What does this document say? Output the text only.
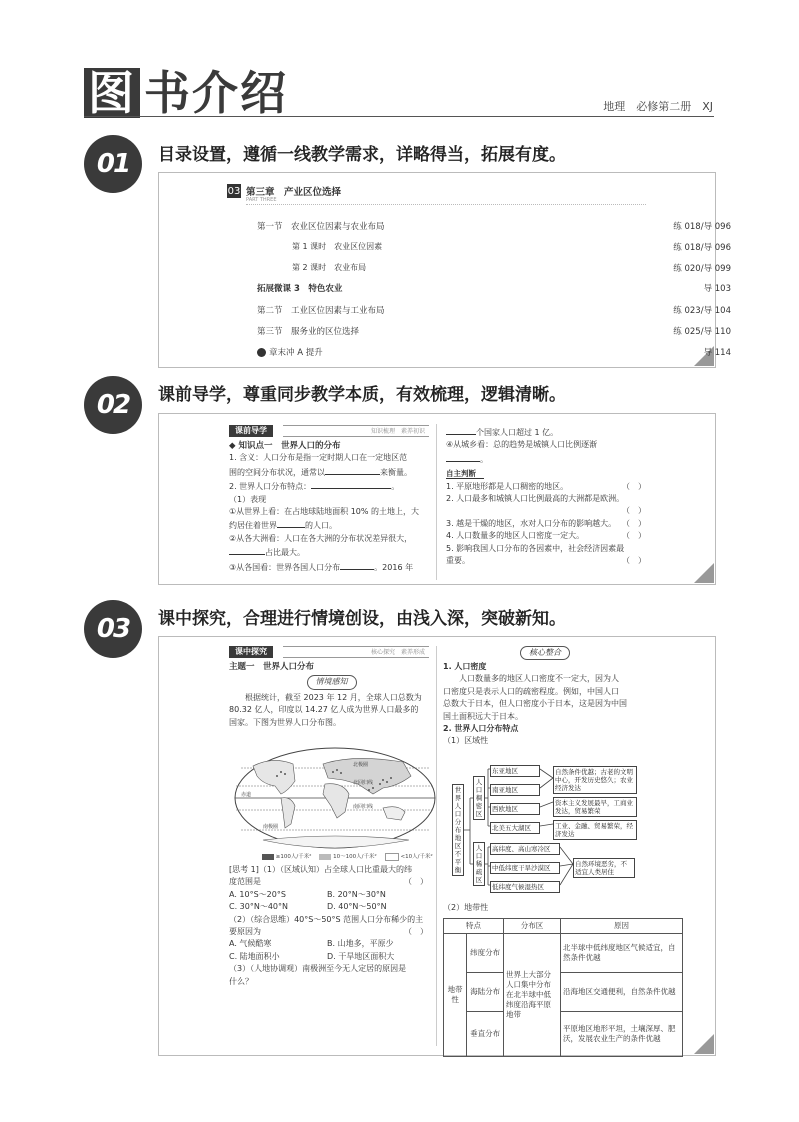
图 书 介 绍	地理　必修第二册　XJ
01	目录设置，遵循一线教学需求，详略得当，拓展有度。
03 第三章　产业区位选择
PART THREE
第一节　农业区位因素与农业布局	练 018/导 096
第 1 课时　农业区位因素	练 018/导 096
第 2 课时　农业布局	练 020/导 099
拓展微课 3　特色农业	导 103
第二节　工业区位因素与工业布局	练 023/导 104
第三节　服务业的区位选择	练 025/导 110
章末冲 A 提升	导 114
02	课前导学，尊重同步教学本质，有效梳理，逻辑清晰。
课前导学	知识梳理　素养初识

◆ 知识点一　世界人口的分布

1. 含义：人口分布是指一定时期人口在一定地区范

围的空间分布状况，通常以	来衡量。

2. 世界人口分布特点：	。

（1）表现

①从世界上看：在占地球陆地面积 10% 的土地上，大

约居住着世界	的人口。

②从各大洲看：人口在各大洲的分布状况差异很大，

占比最大。

③从各国看：世界各国人口分布	。2016 年

个国家人口超过 1 亿。

④从城乡看：总的趋势是城镇人口比例逐渐

。

自主判断

1. 平原地形都是人口稠密的地区。	（　）

2. 人口最多和城镇人口比例最高的大洲都是欧洲。

（　）

3. 越是干燥的地区，水对人口分布的影响越大。 （　）

4. 人口数量多的地区人口密度一定大。	（　）

5. 影响我国人口分布的各因素中，社会经济因素最

重要。	（　）

03	课中探究，合理进行情境创设，由浅入深，突破新知。
课中探究	核心探究　素养形成

主题一　世界人口分布

情境感知

根据统计，截至 2023 年 12 月，全球人口总数为

80.32 亿人，印度以 14.27 亿人成为世界人口最多的

国家。下图为世界人口分布图。

北极圈
北回归线
赤道
南回归线
南极圈
≥100人/千米²	10～100人/千米²	<10人/千米²

[思考 1]（1）（区域认知）占全球人口比重最大的纬

度范围是	（　）

A. 10°S～20°S	B. 20°N～30°N

C. 30°N～40°N	D. 40°N～50°N

（2）（综合思维）40°S～50°S 范围人口分布稀少的主

要原因为	（　）

A. 气候酷寒	B. 山地多，平原少

C. 陆地面积小	D. 干旱地区面积大

（3）（人地协调观）南极洲至今无人定居的原因是

什么？

核心整合

1. 人口密度

人口数量多的地区人口密度不一定大，因为人

口密度只是表示人口的疏密程度。例如，中国人口

总数大于日本，但人口密度小于日本，这是因为中国

国土面积远大于日本。

2. 世界人口分布特点

（1）区域性

世界人口分布地区不平衡
人口稠密区
人口稀疏区
东亚地区
南亚地区
西欧地区
北美五大湖区
自然条件优越；古老的文明中心，开发历史悠久；农业经济发达
资本主义发展最早，工商业发达，贸易繁荣
工业、金融、贸易繁荣，经济发达
高纬度、高山寒冷区
中低纬度干旱沙漠区
低纬度气候湿热区
自然环境恶劣，不适宜人类居住
（2）地带性
特点		分布区	原因
地带性	纬度分布	世界上大部分人口集中分布在北半球中低纬度沿海平原地带	北半球中低纬度地区气候适宜，自然条件优越
	海陆分布		沿海地区交通便利，自然条件优越
	垂直分布		平原地区地形平坦，土壤深厚、肥沃，发展农业生产的条件优越
